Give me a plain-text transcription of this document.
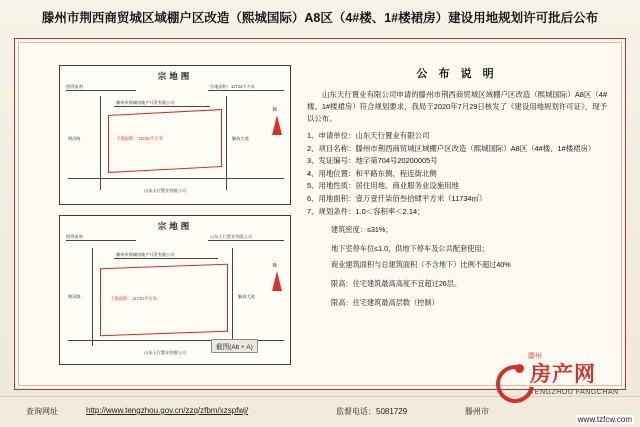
滕州市荆西商贸城区域棚户区改造（熙城国际）A8区（4#楼、1#楼裙房）建设用地规划许可批后公布
宗地图
图例说明	宗地面积：11734平方米
滕州市熙城房地产开发有限公司
土地面积：11734平方米
荆河路	解放大道
山东天行置业有限公司
N
宗地图
图例说明	山东天行置业有限公司
滕州市熙城房地产开发有限公司
土地面积：11734平方米
荆河路	解放大道
山东天行置业有限公司
N
公 布 说 明

山东天行置业有限公司申请的滕州市荆西商贸城区域棚户区改造（熙城国际）A8区（4#楼、1#楼裙房）符合规划要求，我局于2020年7月29日核发了《建设用地规划许可证》，现予以公布。

1、申请单位：山东天行置业有限公司

2、项目名称：滕州市荆西商贸城区域棚户区改造（熙城国际）A8区（4#楼、1#楼裙房）

3、发证编号：地字第704号20200005号

4、用地位置：和平路东侧、程连街北侧

5、用地性质：居住用地、商业服务业设施用地

6、用地面积：壹万壹仟柒佰叁拾肆平方米（11734㎡）

7、规划条件：1.0＜容积率＜2.14；

建筑密度：≤31%；

地下室停车位≤1.0，供地下停车及公共配套使用；

商业建筑面积与总建筑面积（不含地下）比例不超过40%

限高：住宅建筑最高高度不宜超过26层。

限高：住宅建筑最高层数（控制）

截图(Alt + A)
查询网址	http://www.tengzhou.gov.cn/zzq/zfbm/xzspfwj/	监督电话：5081729	滕州市
滕州
房产网
TENGZHOU FANGCHAN
www.tzfcw.com
